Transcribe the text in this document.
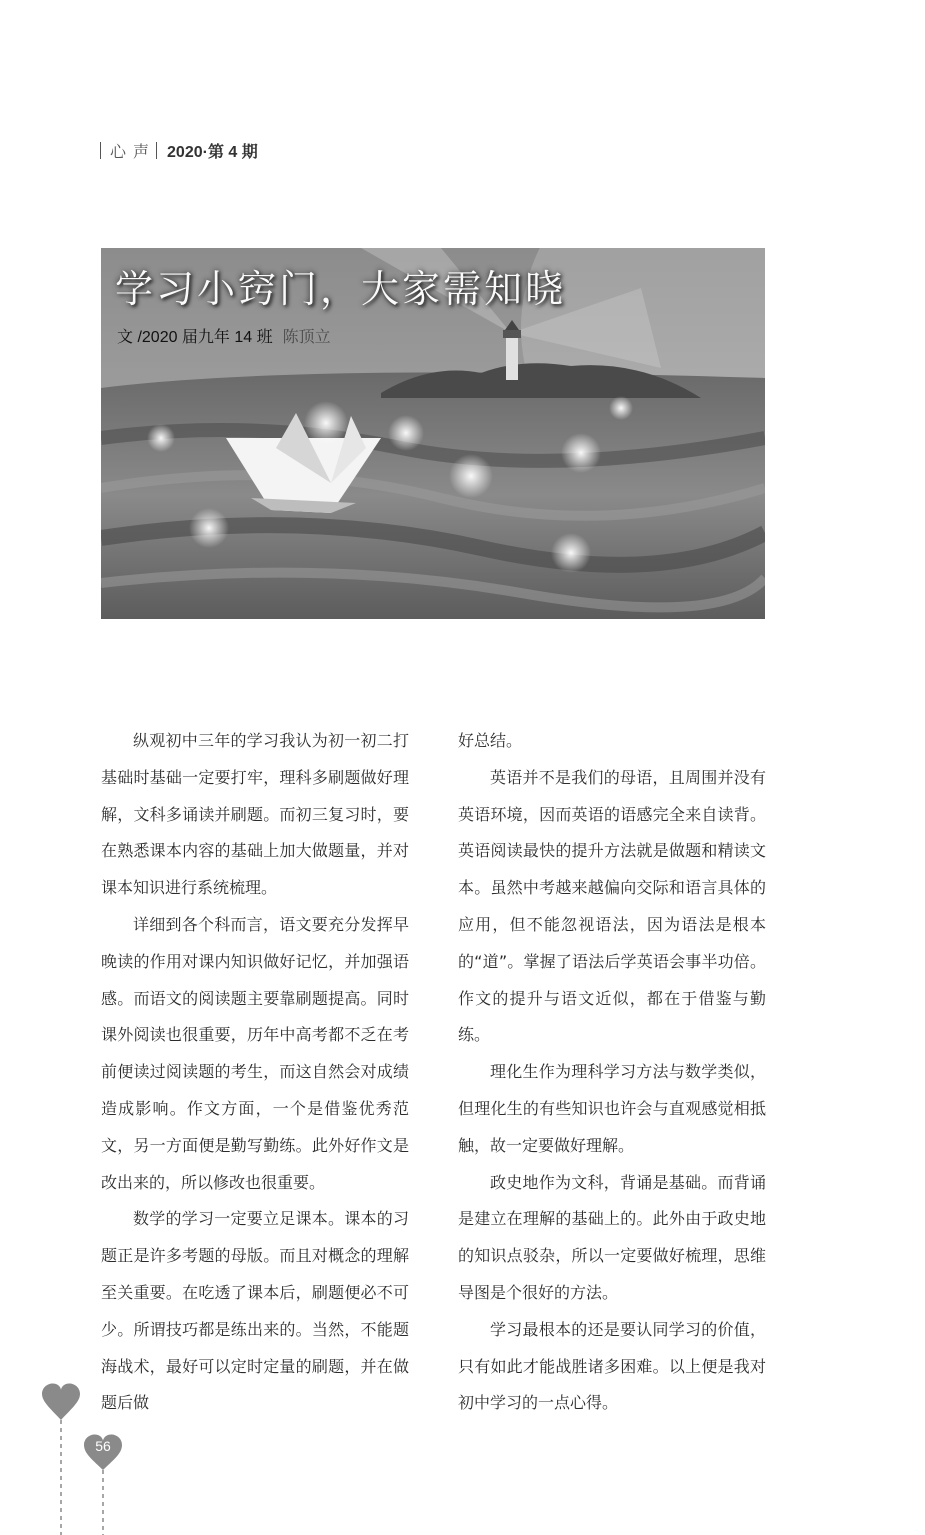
心声 2020·第 4 期
学习小窍门，大家需知晓
文 /2020 届九年 14 班 陈顶立

纵观初中三年的学习我认为初一初二打基础时基础一定要打牢，理科多刷题做好理解，文科多诵读并刷题。而初三复习时，要在熟悉课本内容的基础上加大做题量，并对课本知识进行系统梳理。

详细到各个科而言，语文要充分发挥早晚读的作用对课内知识做好记忆，并加强语感。而语文的阅读题主要靠刷题提高。同时课外阅读也很重要，历年中高考都不乏在考前便读过阅读题的考生，而这自然会对成绩造成影响。作文方面，一个是借鉴优秀范文，另一方面便是勤写勤练。此外好作文是改出来的，所以修改也很重要。

数学的学习一定要立足课本。课本的习题正是许多考题的母版。而且对概念的理解至关重要。在吃透了课本后，刷题便必不可少。所谓技巧都是练出来的。当然，不能题海战术，最好可以定时定量的刷题，并在做题后做

好总结。

英语并不是我们的母语，且周围并没有英语环境，因而英语的语感完全来自读背。英语阅读最快的提升方法就是做题和精读文本。虽然中考越来越偏向交际和语言具体的应用，但不能忽视语法，因为语法是根本的“道”。掌握了语法后学英语会事半功倍。作文的提升与语文近似，都在于借鉴与勤练。

理化生作为理科学习方法与数学类似，但理化生的有些知识也许会与直观感觉相抵触，故一定要做好理解。

政史地作为文科，背诵是基础。而背诵是建立在理解的基础上的。此外由于政史地的知识点驳杂，所以一定要做好梳理，思维导图是个很好的方法。

学习最根本的还是要认同学习的价值，只有如此才能战胜诸多困难。以上便是我对初中学习的一点心得。

56
